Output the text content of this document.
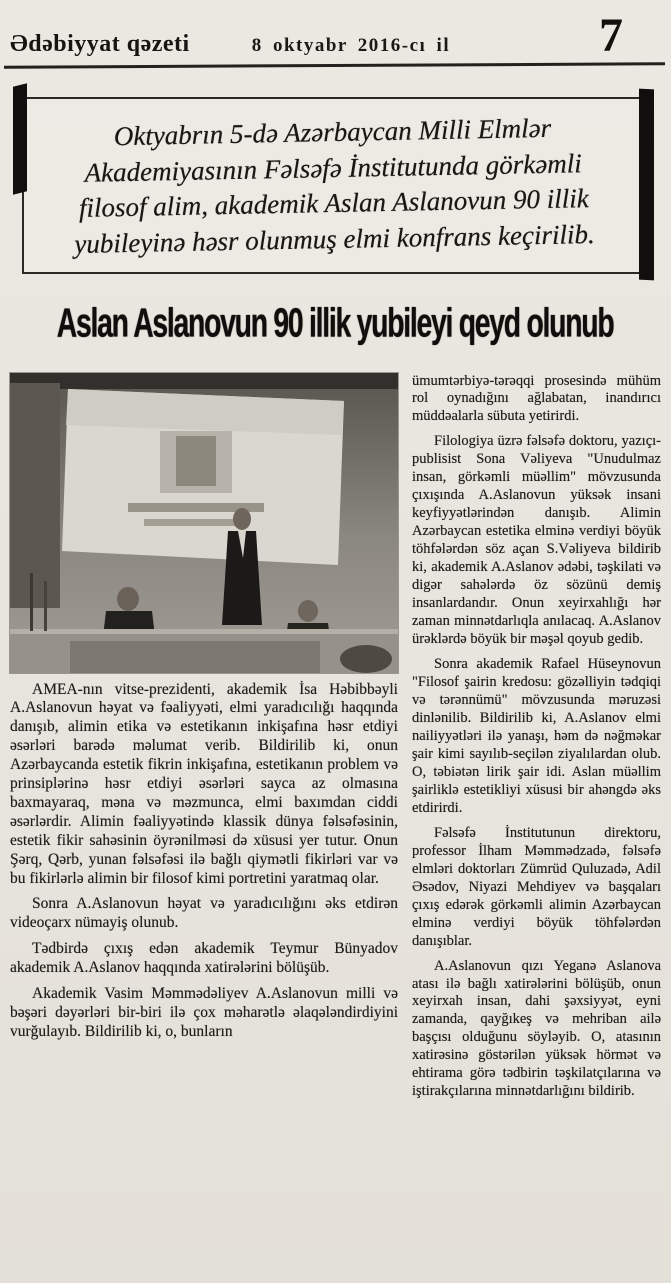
Ədəbiyyat qəzeti	8 oktyabr 2016-cı il	7

Oktyabrın 5-də Azərbaycan Milli Elmlər Akademiyasının Fəlsəfə İnstitutunda görkəmli filosof alim, akademik Aslan Aslanovun 90 illik yubileyinə həsr olunmuş elmi konfrans keçirilib.

Aslan Aslanovun 90 illik yubileyi qeyd olunub

AMEA-nın vitse-prezidenti, akademik İsa Həbibbəyli A.Aslanovun həyat və fəaliyyəti, elmi yaradıcılığı haqqında danışıb, alimin etika və estetikanın inkişafına həsr etdiyi əsərləri barədə məlumat verib. Bildirilib ki, onun Azərbaycanda estetik fikrin inkişafına, estetikanın problem və prinsiplərinə həsr etdiyi əsərləri sayca az olmasına baxmayaraq, məna və məzmunca, elmi baxımdan ciddi əsərlərdir. Alimin fəaliyyətində klassik dünya fəlsəfəsinin, estetik fikir sahəsinin öyrənilməsi də xüsusi yer tutur. Onun Şərq, Qərb, yunan fəlsəfəsi ilə bağlı qiymətli fikirləri var və bu fikirlərlə alimin bir filosof kimi portretini yaratmaq olar.

Sonra A.Aslanovun həyat və yaradıcılığını əks etdirən videoçarx nümayiş olunub.

Tədbirdə çıxış edən akademik Teymur Bünyadov akademik A.Aslanov haqqında xatirələrini bölüşüb.

Akademik Vasim Məmmədəliyev A.Aslanovun milli və bəşəri dəyərləri bir-biri ilə çox məharətlə əlaqələndirdiyini vurğulayıb. Bildirilib ki, o, bunların

ümumtərbiyə-tərəqqi prosesində mühüm rol oynadığını ağlabatan, inandırıcı müddəalarla sübuta yetirirdi.

Filologiya üzrə fəlsəfə doktoru, yazıçı-publisist Sona Vəliyeva "Unudulmaz insan, görkəmli müəllim" mövzusunda çıxışında A.Aslanovun yüksək insani keyfiyyətlərindən danışıb. Alimin Azərbaycan estetika elminə verdiyi böyük töhfələrdən söz açan S.Vəliyeva bildirib ki, akademik A.Aslanov ədəbi, təşkilati və digər sahələrdə öz sözünü demiş insanlardandır. Onun xeyirxahlığı hər zaman minnətdarlıqla anılacaq. A.Aslanov ürəklərdə böyük bir məşəl qoyub gedib.

Sonra akademik Rafael Hüseynovun "Filosof şairin kredosu: gözəlliyin tədqiqi və tərənnümü" mövzusunda məruzəsi dinlənilib. Bildirilib ki, A.Aslanov elmi nailiyyətləri ilə yanaşı, həm də nəğməkar şair kimi sayılıb-seçilən ziyalılardan olub. O, təbiətən lirik şair idi. Aslan müəllim şairliklə estetikliyi xüsusi bir ahəngdə əks etdirirdi.

Fəlsəfə İnstitutunun direktoru, professor İlham Məmmədzadə, fəlsəfə elmləri doktorları Zümrüd Quluzadə, Adil Əsədov, Niyazi Mehdiyev və başqaları çıxış edərək görkəmli alimin Azərbaycan elminə verdiyi böyük töhfələrdən danışıblar.

A.Aslanovun qızı Yeganə Aslanova atası ilə bağlı xatirələrini bölüşüb, onun xeyirxah insan, dahi şəxsiyyət, eyni zamanda, qayğıkeş və mehriban ailə başçısı olduğunu söyləyib. O, atasının xatirəsinə göstərilən yüksək hörmət və ehtirama görə tədbirin təşkilatçılarına və iştirakçılarına minnətdarlığını bildirib.
